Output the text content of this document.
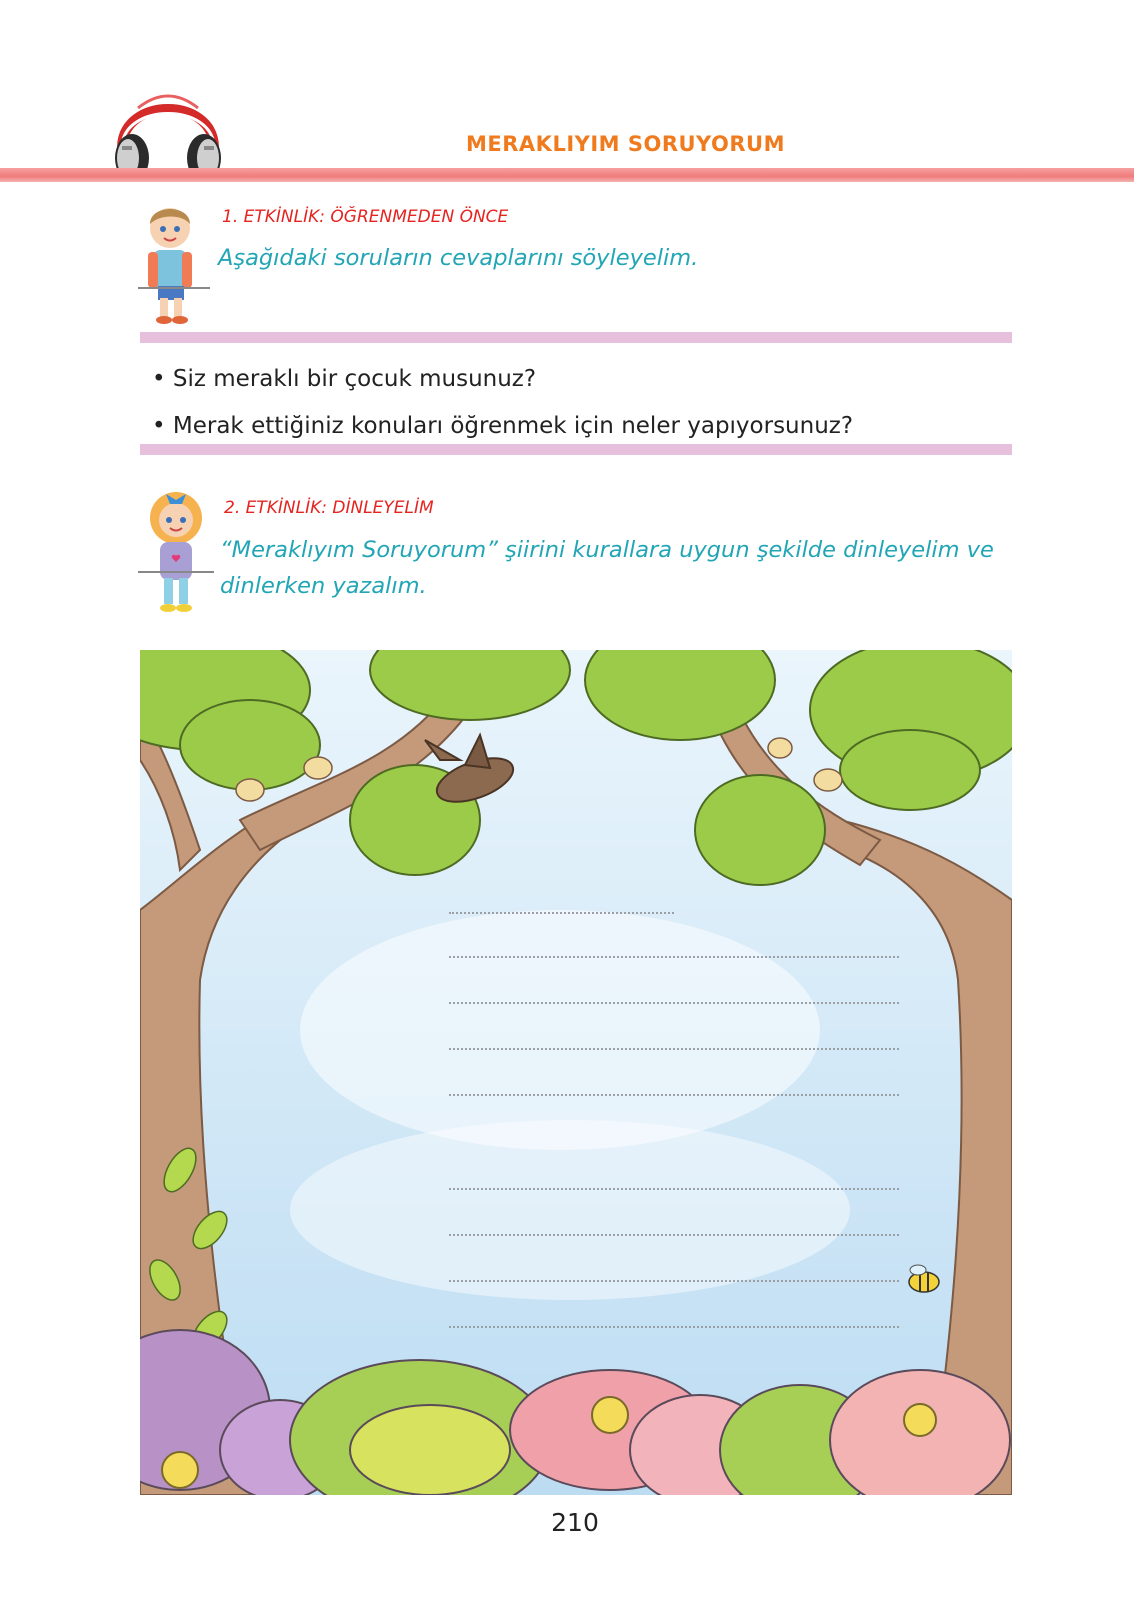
MERAKLIYIM SORUYORUM
1. ETKİNLİK: ÖĞRENMEDEN ÖNCE
Aşağıdaki soruların cevaplarını söyleyelim.
• Siz meraklı bir çocuk musunuz?
• Merak ettiğiniz konuları öğrenmek için neler yapıyorsunuz?
2. ETKİNLİK: DİNLEYELİM
“Meraklıyım Soruyorum” şiirini kurallara uygun şekilde dinleyelim ve dinlerken yazalım.
210
